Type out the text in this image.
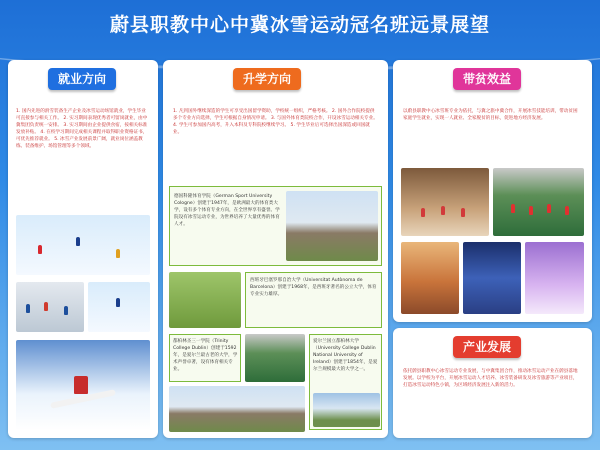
蔚县职教中心中冀冰雪运动冠名班远景展望
就业方向
1. 国内先进的滑雪装备生产企业及冰雪运动场馆就业，学生毕业可直接参与相关工作。 2. 实习期间表现优秀者可留岗就业，由中冀集团负责统一安排。 3. 实习期间由企业提供食宿，按相关标准发放补贴。 4. 在校学习期间完成相关课程并取得职业资格证书，可优先推荐就业。 5. 冰雪产业发展前景广阔，就业岗位涵盖教练、装备维护、场馆管理等多个领域。
升学方向
1. 凡到国外继续深造的学生可享受出国留学资助，学校统一组织，严格考核。 2. 国外合作院校提供多个专业方向选择，学生可根据自身情况申请。 3. 与国外体育类院校合作，开设冰雪运动相关专业。 4. 学生可参加国内高考，升入本科及专科院校继续学习。 5. 学生毕业后可选择出国深造或回国就业。
德国科隆体育学院（German Sport University Cologne）创建于1947年，是欧洲最大的体育类大学，设有多个体育专业方向，在全世界享有盛誉。学院设有冰雪运动专业，为世界培养了大量优秀的体育人才。
西班牙巴塞罗那自治大学（Universitat Autònoma de Barcelona）创建于1968年，是西班牙著名的公立大学，体育专业实力雄厚。
都柏林圣三一学院（Trinity College Dublin）创建于1592年，是爱尔兰最古老的大学，学术声誉卓著，设有体育相关专业。
爱尔兰国立都柏林大学（University College Dublin National University of Ireland）创建于1854年，是爱尔兰规模最大的大学之一。
带贫效益
以蔚县职教中心冰雪班专业为依托，与冀之旅中冀合作，开展冰雪技能培训，带动贫困家庭学生就业，实现一人就业、全家脱贫的目标，促进地方经济发展。
产业发展
依托蔚县职教中心冰雪运动专业发展，与中冀集团合作，推动冰雪运动产业在蔚县落地发展。以学校为平台，开展冰雪运动人才培养、冰雪装备研发及冰雪旅游等产业项目，打造冰雪运动特色小镇，为区域经济发展注入新的活力。
